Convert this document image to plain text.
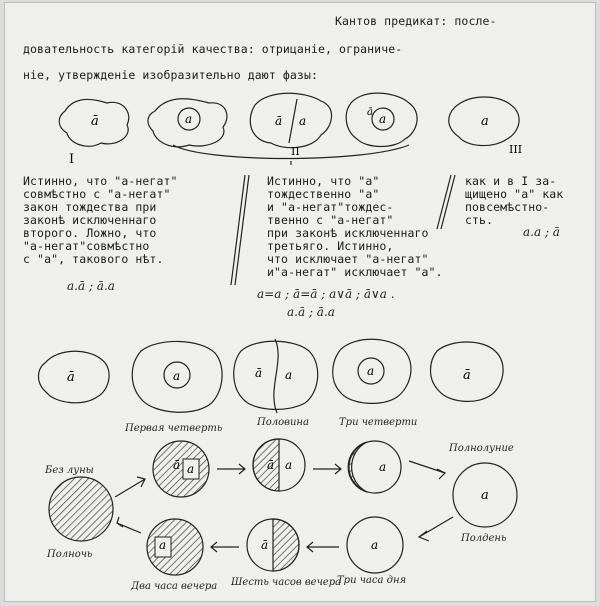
Кантов предикат: после-
довательность категорій качества: отрицаніе, ограниче-
ніе, утвержденіе изобразительно дают фазы:
Истинно, что "а-негат"
совмѣстно с "а-негат"
закон тождества при
законѣ исключеннаго
второго. Ложно, что
"а-негат"совмѣстно
с "а", такового нѣт.
Истинно, что "а"
тождественно "а"
и "а-негат"тождес-
твенно с "а-негат"
при законѣ исключеннаго
третьяго. Истинно,
что исключает "а-негат"
и"а-негат" исключает "а".
как и в I за-
щищено "а" как
повсемѣстно-
сть.
a.ā ; ā.a
a=a ; ā=ā ; a∨ā ; ā∨a .
a.ā ; ā.a
a.a ; ā
ā	a	ā a
ā a	a
I
II	III
ā	a	ā a	a	ā
ā a	ā a	a
a
a
ā
a
Первая четверть
Половина	Три четверти
Без луны
Полнолуние
Полночь
Полдень
Два часа вечера Шесть часов вечера
Три часа дня
